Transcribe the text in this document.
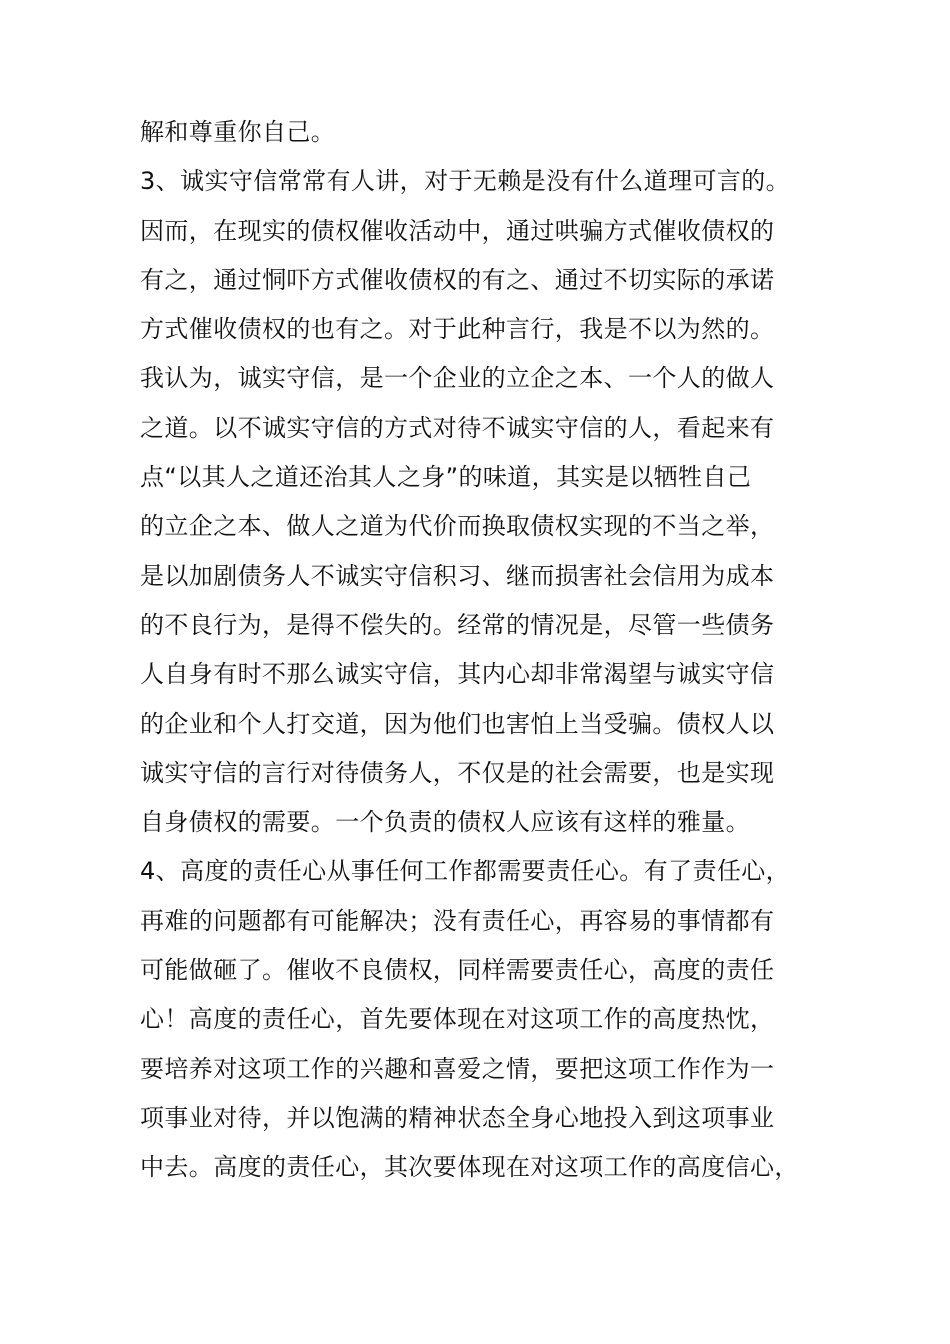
解和尊重你自己。
3、诚实守信常常有人讲，对于无赖是没有什么道理可言的。
因而，在现实的债权催收活动中，通过哄骗方式催收债权的
有之，通过恫吓方式催收债权的有之、通过不切实际的承诺
方式催收债权的也有之。对于此种言行，我是不以为然的。
我认为，诚实守信，是一个企业的立企之本、一个人的做人
之道。以不诚实守信的方式对待不诚实守信的人，看起来有
点“以其人之道还治其人之身”的味道，其实是以牺牲自己
的立企之本、做人之道为代价而换取债权实现的不当之举，
是以加剧债务人不诚实守信积习、继而损害社会信用为成本
的不良行为，是得不偿失的。经常的情况是，尽管一些债务
人自身有时不那么诚实守信，其内心却非常渴望与诚实守信
的企业和个人打交道，因为他们也害怕上当受骗。债权人以
诚实守信的言行对待债务人，不仅是的社会需要，也是实现
自身债权的需要。一个负责的债权人应该有这样的雅量。
4、高度的责任心从事任何工作都需要责任心。有了责任心，
再难的问题都有可能解决；没有责任心，再容易的事情都有
可能做砸了。催收不良债权，同样需要责任心，高度的责任
心！高度的责任心，首先要体现在对这项工作的高度热忱，
要培养对这项工作的兴趣和喜爱之情，要把这项工作作为一
项事业对待，并以饱满的精神状态全身心地投入到这项事业
中去。高度的责任心，其次要体现在对这项工作的高度信心，
